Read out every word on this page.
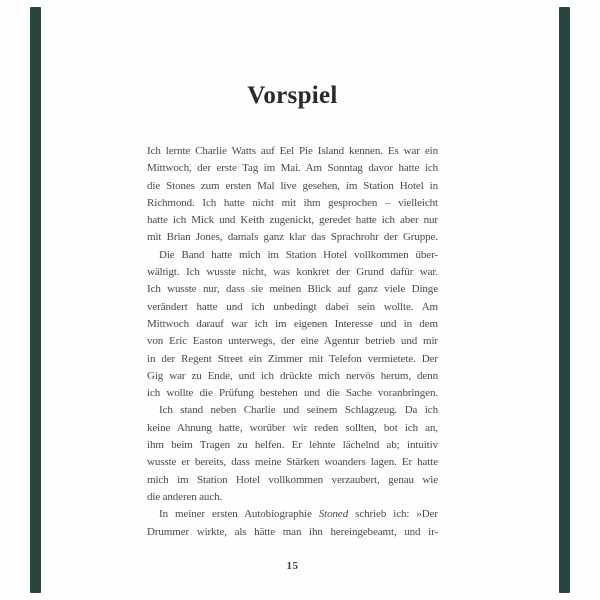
Vorspiel
Ich lernte Charlie Watts auf Eel Pie Island kennen. Es war ein
Mittwoch, der erste Tag im Mai. Am Sonntag davor hatte ich
die Stones zum ersten Mal live gesehen, im Station Hotel in
Richmond. Ich hatte nicht mit ihm gesprochen – vielleicht
hatte ich Mick und Keith zugenickt, geredet hatte ich aber nur
mit Brian Jones, damals ganz klar das Sprachrohr der Gruppe.
Die Band hatte mich im Station Hotel vollkommen über-
wältigt. Ich wusste nicht, was konkret der Grund dafür war.
Ich wusste nur, dass sie meinen Blick auf ganz viele Dinge
verändert hatte und ich unbedingt dabei sein wollte. Am
Mittwoch darauf war ich im eigenen Interesse und in dem
von Eric Easton unterwegs, der eine Agentur betrieb und mir
in der Regent Street ein Zimmer mit Telefon vermietete. Der
Gig war zu Ende, und ich drückte mich nervös herum, denn
ich wollte die Prüfung bestehen und die Sache voranbringen.
Ich stand neben Charlie und seinem Schlagzeug. Da ich
keine Ahnung hatte, worüber wir reden sollten, bot ich an,
ihm beim Tragen zu helfen. Er lehnte lächelnd ab; intuitiv
wusste er bereits, dass meine Stärken woanders lagen. Er hatte
mich im Station Hotel vollkommen verzaubert, genau wie
die anderen auch.
In meiner ersten Autobiographie Stoned schrieb ich: »Der
Drummer wirkte, als hätte man ihn hereingebeamt, und ir-
15
